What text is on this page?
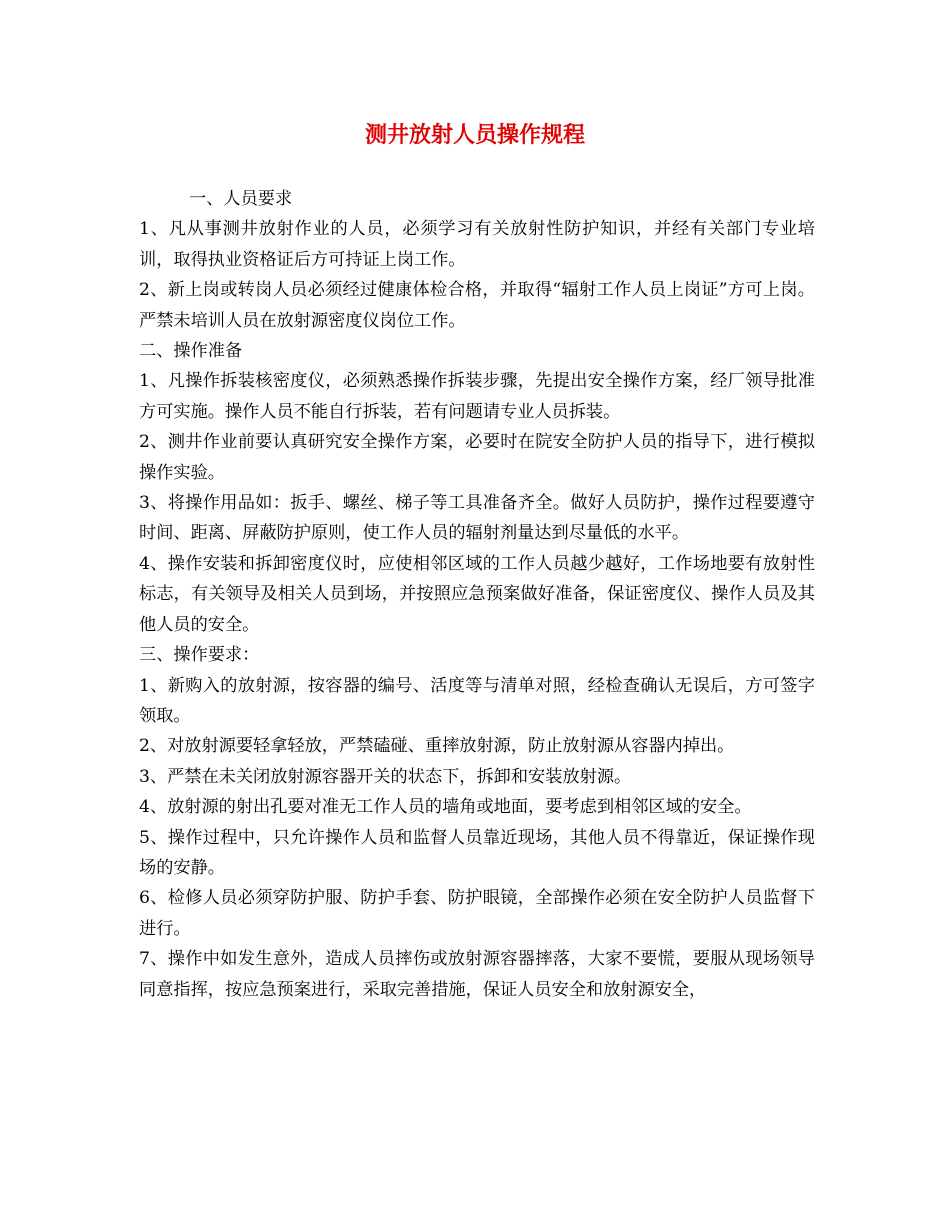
测井放射人员操作规程

一、人员要求

1、凡从事测井放射作业的人员，必须学习有关放射性防护知识，并经有关部门专业培训，取得执业资格证后方可持证上岗工作。

2、新上岗或转岗人员必须经过健康体检合格，并取得“辐射工作人员上岗证”方可上岗。严禁未培训人员在放射源密度仪岗位工作。

二、操作准备

1、凡操作拆装核密度仪，必须熟悉操作拆装步骤，先提出安全操作方案，经厂领导批准方可实施。操作人员不能自行拆装，若有问题请专业人员拆装。

2、测井作业前要认真研究安全操作方案，必要时在院安全防护人员的指导下，进行模拟操作实验。

3、将操作用品如：扳手、螺丝、梯子等工具准备齐全。做好人员防护，操作过程要遵守时间、距离、屏蔽防护原则，使工作人员的辐射剂量达到尽量低的水平。

4、操作安装和拆卸密度仪时，应使相邻区域的工作人员越少越好，工作场地要有放射性标志，有关领导及相关人员到场，并按照应急预案做好准备，保证密度仪、操作人员及其他人员的安全。

三、操作要求：

1、新购入的放射源，按容器的编号、活度等与清单对照，经检查确认无误后，方可签字领取。

2、对放射源要轻拿轻放，严禁磕碰、重摔放射源，防止放射源从容器内掉出。

3、严禁在未关闭放射源容器开关的状态下，拆卸和安装放射源。

4、放射源的射出孔要对准无工作人员的墙角或地面，要考虑到相邻区域的安全。

5、操作过程中，只允许操作人员和监督人员靠近现场，其他人员不得靠近，保证操作现场的安静。

6、检修人员必须穿防护服、防护手套、防护眼镜，全部操作必须在安全防护人员监督下进行。

7、操作中如发生意外，造成人员摔伤或放射源容器摔落，大家不要慌，要服从现场领导同意指挥，按应急预案进行，采取完善措施，保证人员安全和放射源安全，
